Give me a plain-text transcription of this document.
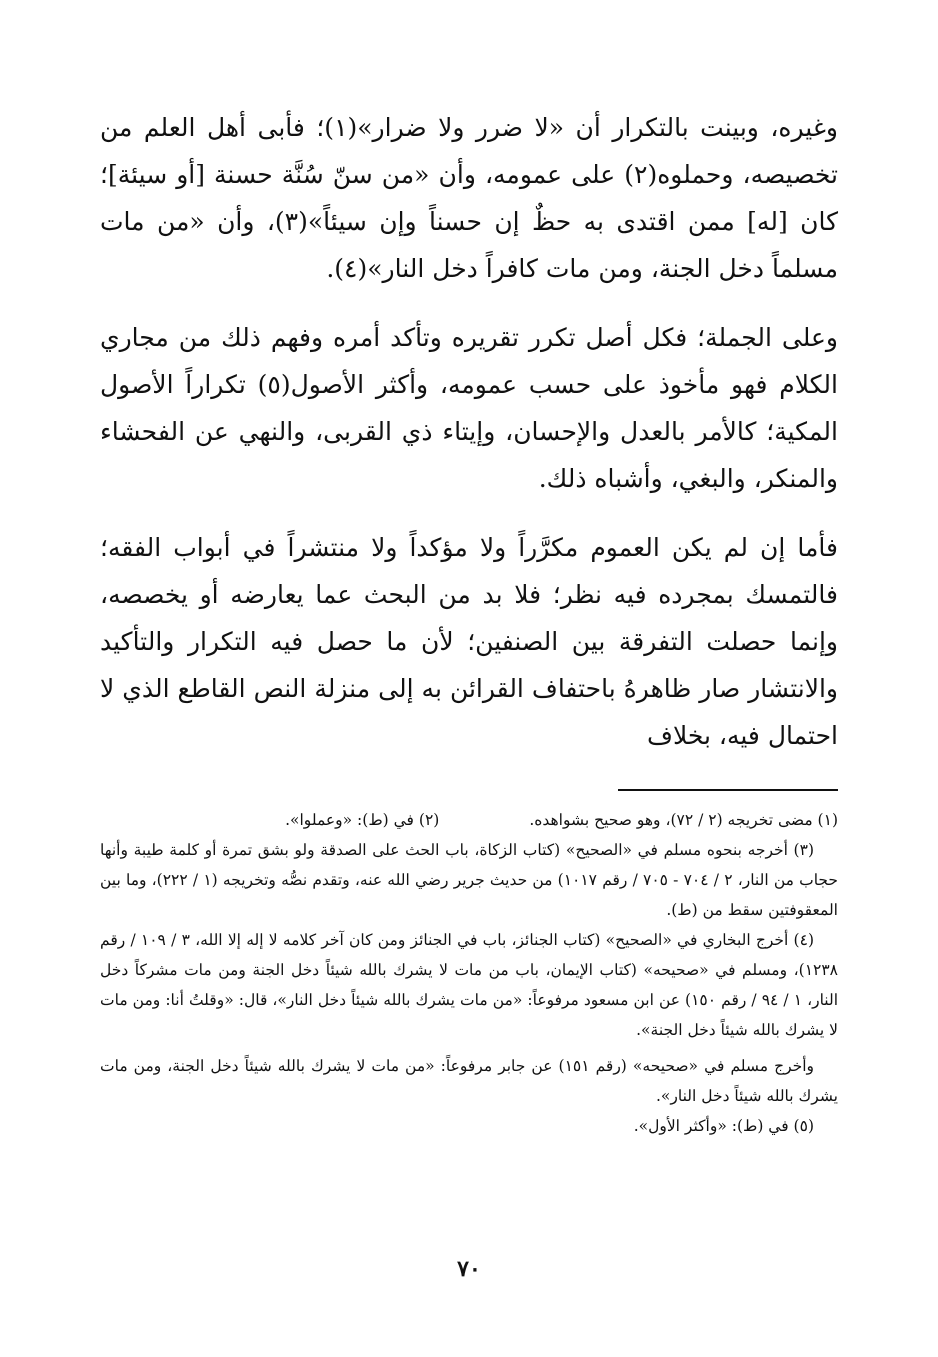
وغيره، وبينت بالتكرار أن «لا ضرر ولا ضرار»(١)؛ فأبى أهل العلم من تخصيصه، وحملوه(٢) على عمومه، وأن «من سنّ سُنَّة حسنة [أو سيئة]؛ كان [له] ممن اقتدى به حظٌ إن حسناً وإن سيئاً»(٣)، وأن «من مات مسلماً دخل الجنة، ومن مات كافراً دخل النار»(٤).

وعلى الجملة؛ فكل أصل تكرر تقريره وتأكد أمره وفهم ذلك من مجاري الكلام فهو مأخوذ على حسب عمومه، وأكثر الأصول(٥) تكراراً الأصول المكية؛ كالأمر بالعدل والإحسان، وإيتاء ذي القربى، والنهي عن الفحشاء والمنكر، والبغي، وأشباه ذلك.

فأما إن لم يكن العموم مكرَّراً ولا مؤكداً ولا منتشراً في أبواب الفقه؛ فالتمسك بمجرده فيه نظر؛ فلا بد من البحث عما يعارضه أو يخصصه، وإنما حصلت التفرقة بين الصنفين؛ لأن ما حصل فيه التكرار والتأكيد والانتشار صار ظاهرهُ باحتفاف القرائن به إلى منزلة النص القاطع الذي لا احتمال فيه، بخلاف

(١) مضى تخريجه (٢ / ٧٢)، وهو صحيح بشواهده.
(٢) في (ط): «وعملوا».

(٣) أخرجه بنحوه مسلم في «الصحيح» (كتاب الزكاة، باب الحث على الصدقة ولو بشق تمرة أو كلمة طيبة وأنها حجاب من النار، ٢ / ٧٠٤ - ٧٠٥ / رقم ١٠١٧) من حديث جرير رضي الله عنه، وتقدم نصُّه وتخريجه (١ / ٢٢٢)، وما بين المعقوفتين سقط من (ط).

(٤) أخرج البخاري في «الصحيح» (كتاب الجنائز، باب في الجنائز ومن كان آخر كلامه لا إله إلا الله، ٣ / ١٠٩ / رقم ١٢٣٨)، ومسلم في «صحيحه» (كتاب الإيمان، باب من مات لا يشرك بالله شيئاً دخل الجنة ومن مات مشركاً دخل النار، ١ / ٩٤ / رقم ١٥٠) عن ابن مسعود مرفوعاً: «من مات يشرك بالله شيئاً دخل النار»، قال: «وقلتُ أنا: ومن مات لا يشرك بالله شيئاً دخل الجنة».

وأخرج مسلم في «صحيحه» (رقم ١٥١) عن جابر مرفوعاً: «من مات لا يشرك بالله شيئاً دخل الجنة، ومن مات يشرك بالله شيئاً دخل النار».

(٥) في (ط): «وأكثر الأول».

٧٠
